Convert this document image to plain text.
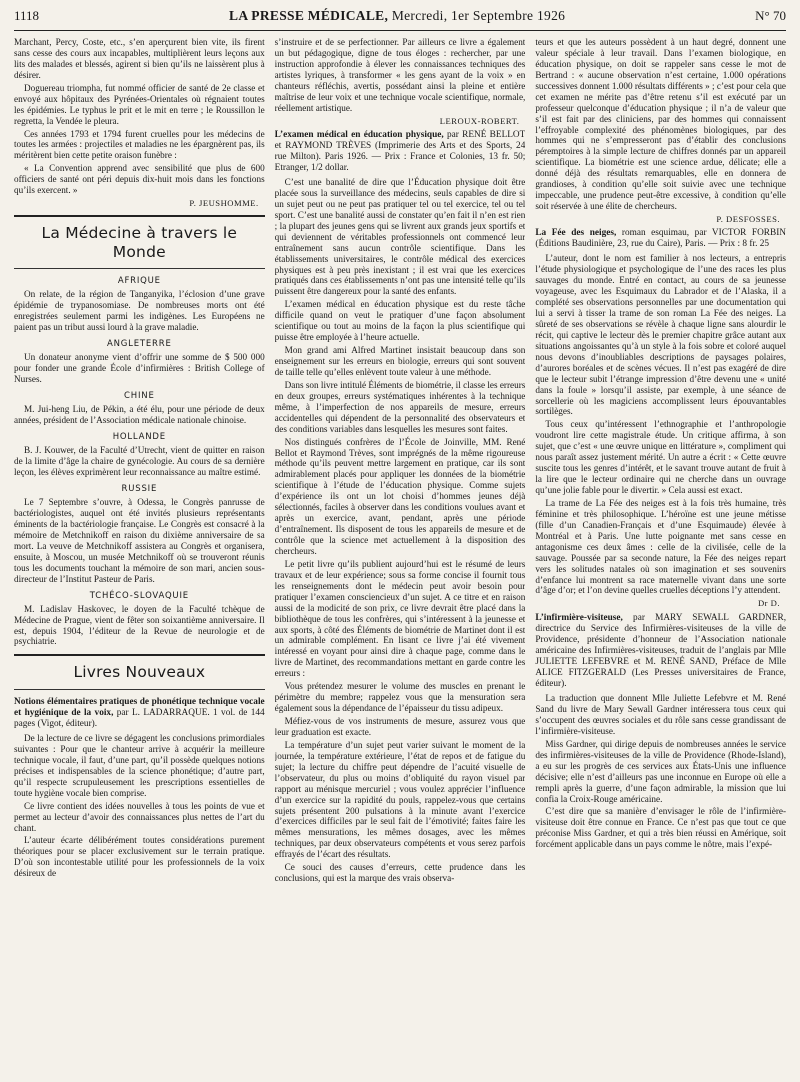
1118	LA PRESSE MÉDICALE, Mercredi, 1er Septembre 1926	N° 70

Marchant, Percy, Coste, etc., s’en aperçurent bien vite, ils firent sans cesse des cours aux incapables, multiplièrent leurs leçons aux lits des malades et blessés, agirent si bien qu’ils ne laissèrent plus à désirer.

Doguereau triompha, fut nommé officier de santé de 2e classe et envoyé aux hôpitaux des Pyrénées-Orientales où régnaient toutes les épidémies. Le typhus le prit et le mit en terre ; le Roussillon le regretta, la Vendée le pleura.

Ces années 1793 et 1794 furent cruelles pour les médecins de toutes les armées : projectiles et maladies ne les épargnèrent pas, ils méritèrent bien cette petite oraison funèbre :

« La Convention apprend avec sensibilité que plus de 600 officiers de santé ont péri depuis dix-huit mois dans les fonctions qu’ils exercent. »

P. JEUSHOMME.
La Médecine à travers le Monde
AFRIQUE

On relate, de la région de Tanganyika, l’éclosion d’une grave épidémie de trypanosomiase. De nombreuses morts ont été enregistrées seulement parmi les indigènes. Les Européens ne paient pas un tribut aussi lourd à la grave maladie.

ANGLETERRE

Un donateur anonyme vient d’offrir une somme de $ 500 000 pour fonder une grande École d’infirmières : British College of Nurses.

CHINE

M. Jui-heng Liu, de Pékin, a été élu, pour une période de deux années, président de l’Association médicale nationale chinoise.

HOLLANDE

B. J. Kouwer, de la Faculté d’Utrecht, vient de quitter en raison de la limite d’âge la chaire de gynécologie. Au cours de sa dernière leçon, les élèves exprimèrent leur reconnaissance au maître estimé.

RUSSIE

Le 7 Septembre s’ouvre, à Odessa, le Congrès panrusse de bactériologistes, auquel ont été invités plusieurs représentants éminents de la bactériologie française. Le Congrès est consacré à la mémoire de Metchnikoff en raison du dixième anniversaire de sa mort. La veuve de Metchnikoff assistera au Congrès et organisera, ensuite, à Moscou, un musée Metchnikoff où se trouveront réunis tous les documents touchant la mémoire de son mari, ancien sous-directeur de l’Institut Pasteur de Paris.

TCHÉCO-SLOVAQUIE

M. Ladislav Haskovec, le doyen de la Faculté tchèque de Médecine de Prague, vient de fêter son soixantième anniversaire. Il est, depuis 1904, l’éditeur de la Revue de neurologie et de psychiatrie.

Livres Nouveaux
Notions élémentaires pratiques de phonétique technique vocale et hygiénique de la voix, par L. LADARRAQUE. 1 vol. de 144 pages (Vigot, éditeur).

De la lecture de ce livre se dégagent les conclusions primordiales suivantes : Pour que le chanteur arrive à acquérir la meilleure technique vocale, il faut, d’une part, qu’il possède quelques notions précises et indispensables de la science phonétique; d’autre part, qu’il respecte scrupuleusement les prescriptions essentielles de toute hygiène vocale bien comprise.

Ce livre contient des idées nouvelles à tous les points de vue et permet au lecteur d’avoir des connaissances plus nettes de l’art du chant.

L’auteur écarte délibérément toutes considérations purement théoriques pour se placer exclusivement sur le terrain pratique. D’où son incontestable utilité pour les professionnels de la voix désireux de

s’instruire et de se perfectionner. Par ailleurs ce livre a également un but pédagogique, digne de tous éloges : rechercher, par une instruction approfondie à élever les connaissances techniques des artistes lyriques, à transformer « les gens ayant de la voix » en chanteurs réfléchis, avertis, possédant ainsi la pleine et entière maîtrise de leur voix et une technique vocale scientifique, normale, réellement artistique.

LEROUX-ROBERT.
L’examen médical en éducation physique, par RENÉ BELLOT et RAYMOND TRÈVES (Imprimerie des Arts et des Sports, 24 rue Milton). Paris 1926. — Prix : France et Colonies, 13 fr. 50; Etranger, 1/2 dollar.

C’est une banalité de dire que l’Éducation physique doit être placée sous la surveillance des médecins, seuls capables de dire si un sujet peut ou ne peut pas pratiquer tel ou tel exercice, tel ou tel sport. C’est une banalité aussi de constater qu’en fait il n’en est rien ; la plupart des jeunes gens qui se livrent aux grands jeux sportifs et qui deviennent de véritables professionnels ont commencé leur entraînement sans aucun contrôle scientifique. Dans les établissements universitaires, le contrôle médical des exercices physiques est à peu près inexistant ; il est vrai que les exercices pratiqués dans ces établissements n’ont pas une intensité telle qu’ils puissent être dangereux pour la santé des enfants.

L’examen médical en éducation physique est du reste tâche difficile quand on veut le pratiquer d’une façon absolument scientifique ou tout au moins de la façon la plus scientifique qui puisse être employée à l’heure actuelle.

Mon grand ami Alfred Martinet insistait beaucoup dans son enseignement sur les erreurs en biologie, erreurs qui sont souvent de taille telle qu’elles enlèvent toute valeur à une méthode.

Dans son livre intitulé Éléments de biométrie, il classe les erreurs en deux groupes, erreurs systématiques inhérentes à la technique même, à l’imperfection de nos appareils de mesure, erreurs accidentelles qui dépendent de la personnalité des observateurs et des conditions variables dans lesquelles les mesures sont faites.

Nos distingués confrères de l’École de Joinville, MM. René Bellot et Raymond Trèves, sont imprégnés de la même rigoureuse méthode qu’ils peuvent mettre largement en pratique, car ils sont admirablement placés pour appliquer les données de la biométrie scientifique à l’étude de l’éducation physique. Comme sujets d’expérience ils ont un lot choisi d’hommes jeunes déjà sélectionnés, faciles à observer dans les conditions voulues avant et après un exercice, avant, pendant, après une période d’entraînement. Ils disposent de tous les appareils de mesure et de contrôle que la science met actuellement à la disposition des chercheurs.

Le petit livre qu’ils publient aujourd’hui est le résumé de leurs travaux et de leur expérience; sous sa forme concise il fournit tous les renseignements dont le médecin peut avoir besoin pour pratiquer l’examen consciencieux d’un sujet. A ce titre et en raison aussi de la modicité de son prix, ce livre devrait être placé dans la bibliothèque de tous les confrères, qui s’intéressent à la jeunesse et aux sports, à côté des Éléments de biométrie de Martinet dont il est un admirable complément. En lisant ce livre j’ai été vivement intéressé en voyant pour ainsi dire à chaque page, comme dans le livre de Martinet, des recommandations mettant en garde contre les erreurs :

Vous prétendez mesurer le volume des muscles en prenant le périmètre du membre; rappelez vous que la mensuration sera également sous la dépendance de l’épaisseur du tissu adipeux.

Méfiez-vous de vos instruments de mesure, assurez vous que leur graduation est exacte.

La température d’un sujet peut varier suivant le moment de la journée, la température extérieure, l’état de repos et de fatigue du sujet; la lecture du chiffre peut dépendre de l’acuité visuelle de l’observateur, du plus ou moins d’obliquité du rayon visuel par rapport au ménisque mercuriel ; vous voulez apprécier l’influence d’un exercice sur la rapidité du pouls, rappelez-vous que certains sujets présentent 200 pulsations à la minute avant l’exercice d’exercices difficiles par le seul fait de l’émotivité; faites faire les mêmes mensurations, les mêmes dosages, avec les mêmes techniques, par deux observateurs compétents et vous serez parfois effrayés de l’écart des résultats.

Ce souci des causes d’erreurs, cette prudence dans les conclusions, qui est la marque des vrais observa-

teurs et que les auteurs possèdent à un haut degré, donnent une valeur spéciale à leur travail. Dans l’examen biologique, en éducation physique, on doit se rappeler sans cesse le mot de Bertrand : « aucune observation n’est certaine, 1.000 opérations successives donnent 1.000 résultats différents » ; c’est pour cela que cet examen ne mérite pas d’être retenu s’il est exécuté par un professeur quelconque d’éducation physique ; il n’a de valeur que s’il est fait par des cliniciens, par des hommes qui connaissent l’effroyable complexité des phénomènes biologiques, par des hommes qui ne s’empresseront pas d’établir des conclusions péremptoires à la simple lecture de chiffres donnés par un appareil scientifique. La biométrie est une science ardue, délicate; elle a donné déjà des résultats remarquables, elle en donnera de grandioses, à condition qu’elle soit suivie avec une technique impeccable, une prudence peut-être excessive, à condition qu’elle soit réservée à une élite de chercheurs.

P. DESFOSSES.
La Fée des neiges, roman esquimau, par VICTOR FORBIN (Éditions Baudinière, 23, rue du Caire), Paris. — Prix : 8 fr. 25

L’auteur, dont le nom est familier à nos lecteurs, a entrepris l’étude physiologique et psychologique de l’une des races les plus sauvages du monde. Entré en contact, au cours de sa jeunesse voyageuse, avec les Esquimaux du Labrador et de l’Alaska, il a complété ses observations personnelles par une documentation qui lui a servi à tisser la trame de son roman La Fée des neiges. La sûreté de ses observations se révèle à chaque ligne sans alourdir le récit, qui captive le lecteur dès le premier chapitre grâce autant aux situations angoissantes qu’à un style à la fois sobre et coloré auquel nous devons d’inoubliables descriptions de paysages polaires, d’aurores boréales et de scènes vécues. Il n’est pas exagéré de dire que le lecteur subit l’étrange impression d’être devenu une « unité dans la foule » lorsqu’il assiste, par exemple, à une séance de sorcellerie où les magiciens accomplissent leurs épouvantables sortilèges.

Tous ceux qu’intéressent l’ethnographie et l’anthropologie voudront lire cette magistrale étude. Un critique affirma, à son sujet, que c’est « une œuvre unique en littérature », compliment qui nous paraît assez justement mérité. Un autre a écrit : « Cette œuvre suscite tous les genres d’intérêt, et le savant trouve autant de fruit à la lire que le lecteur ordinaire qui ne cherche dans un ouvrage qu’une jolie fable pour le divertir. » Cela aussi est exact.

La trame de La Fée des neiges est à la fois très humaine, très féminine et très philosophique. L’héroïne est une jeune métisse (fille d’un Canadien-Français et d’une Esquimaude) élevée à Montréal et à Paris. Une lutte poignante met sans cesse en antagonisme ces deux âmes : celle de la civilisée, celle de la sauvage. Poussée par sa seconde nature, la Fée des neiges repart vers les solitudes natales où son imagination et ses souvenirs d’enfance lui montrent sa race maternelle vivant dans une sorte d’âge d’or; et l’on devine quelles cruelles déceptions l’y attendent.

Dr D.
L’infirmière-visiteuse, par MARY SEWALL GARDNER, directrice du Service des Infirmières-visiteuses de la ville de Providence, présidente d’honneur de l’Association nationale américaine des Infirmières-visiteuses, traduit de l’anglais par Mlle JULIETTE LEFEBVRE et M. RENÉ SAND, Préface de Mlle ALICE FITZGERALD (Les Presses universitaires de France, éditeur).

La traduction que donnent Mlle Juliette Lefebvre et M. René Sand du livre de Mary Sewall Gardner intéressera tous ceux qui s’occupent des œuvres sociales et du rôle sans cesse grandissant de l’infirmière-visiteuse.

Miss Gardner, qui dirige depuis de nombreuses années le service des infirmières-visiteuses de la ville de Providence (Rhode-Island), a eu sur les progrès de ces services aux États-Unis une influence décisive; elle n’est d’ailleurs pas une inconnue en Europe où elle a rempli après la guerre, d’une façon admirable, la mission que lui confia la Croix-Rouge américaine.

C’est dire que sa manière d’envisager le rôle de l’infirmière-visiteuse doit être connue en France. Ce n’est pas que tout ce que préconise Miss Gardner, et qui a très bien réussi en Amérique, soit forcément applicable dans un pays comme le nôtre, mais l’expé-
